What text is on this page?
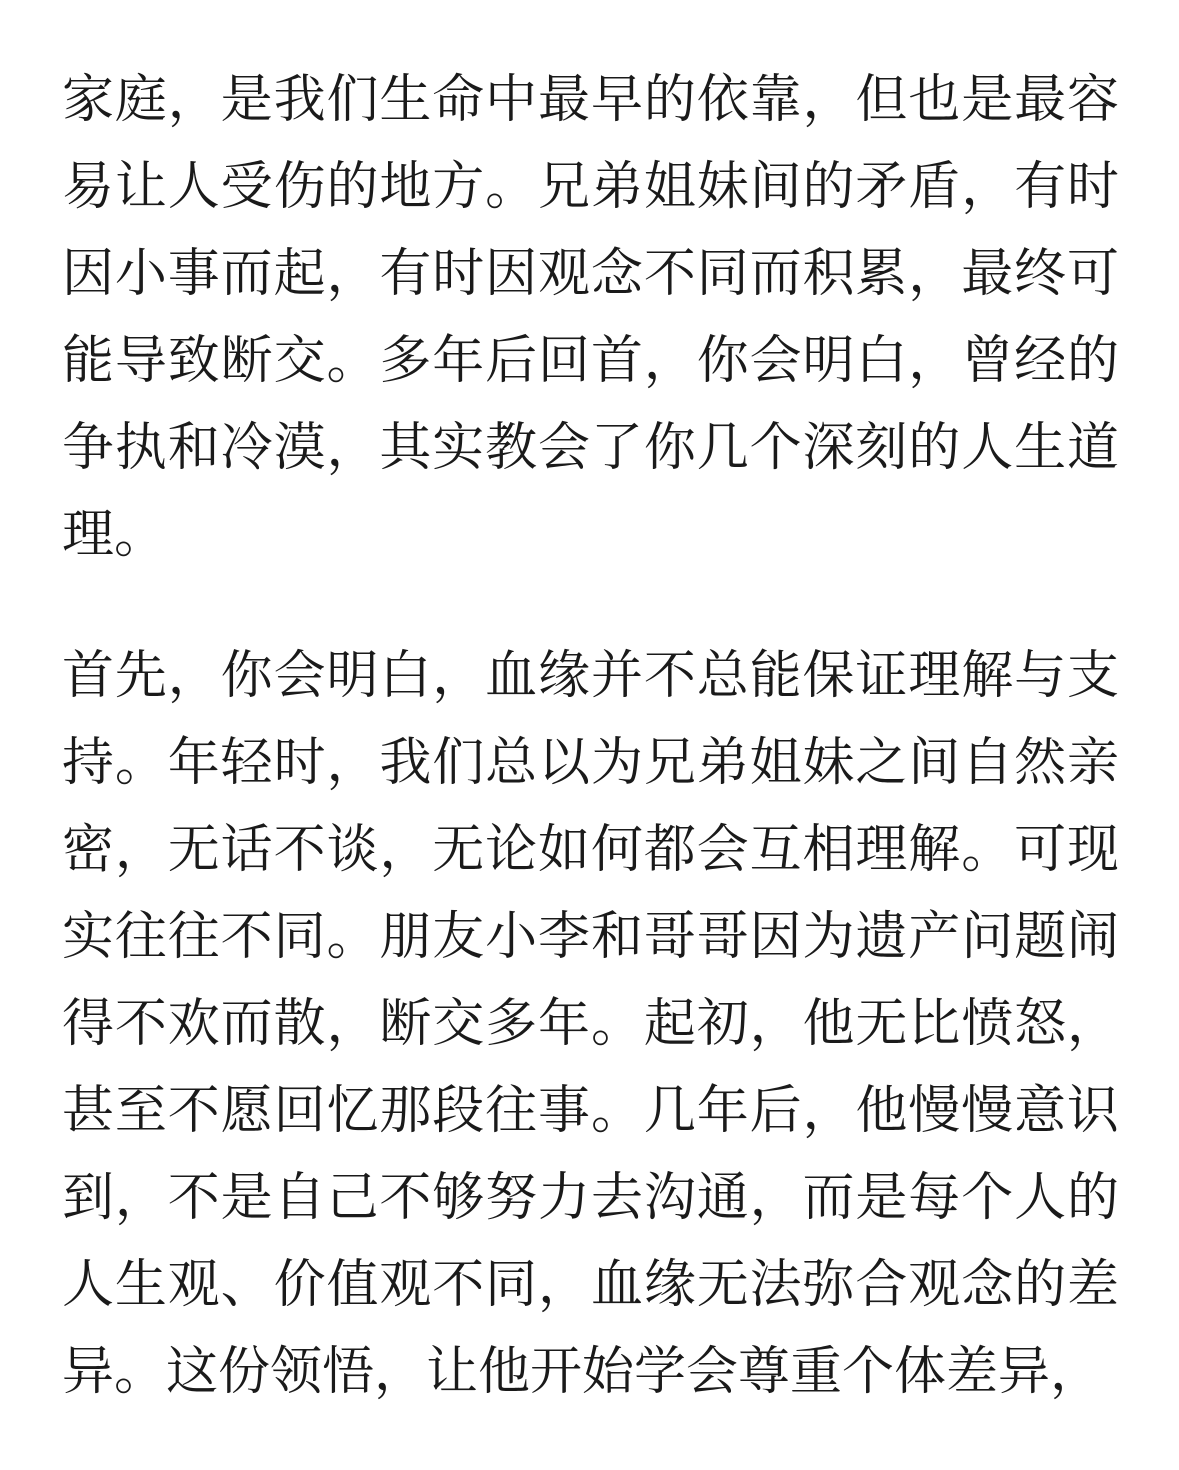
家庭，是我们生命中最早的依靠，但也是最容易让人受伤的地方。兄弟姐妹间的矛盾，有时因小事而起，有时因观念不同而积累，最终可能导致断交。多年后回首，你会明白，曾经的争执和冷漠，其实教会了你几个深刻的人生道理。

首先，你会明白，血缘并不总能保证理解与支持。年轻时，我们总以为兄弟姐妹之间自然亲密，无话不谈，无论如何都会互相理解。可现实往往不同。朋友小李和哥哥因为遗产问题闹得不欢而散，断交多年。起初，他无比愤怒，甚至不愿回忆那段往事。几年后，他慢慢意识到，不是自己不够努力去沟通，而是每个人的人生观、价值观不同，血缘无法弥合观念的差异。这份领悟，让他开始学会尊重个体差异，
